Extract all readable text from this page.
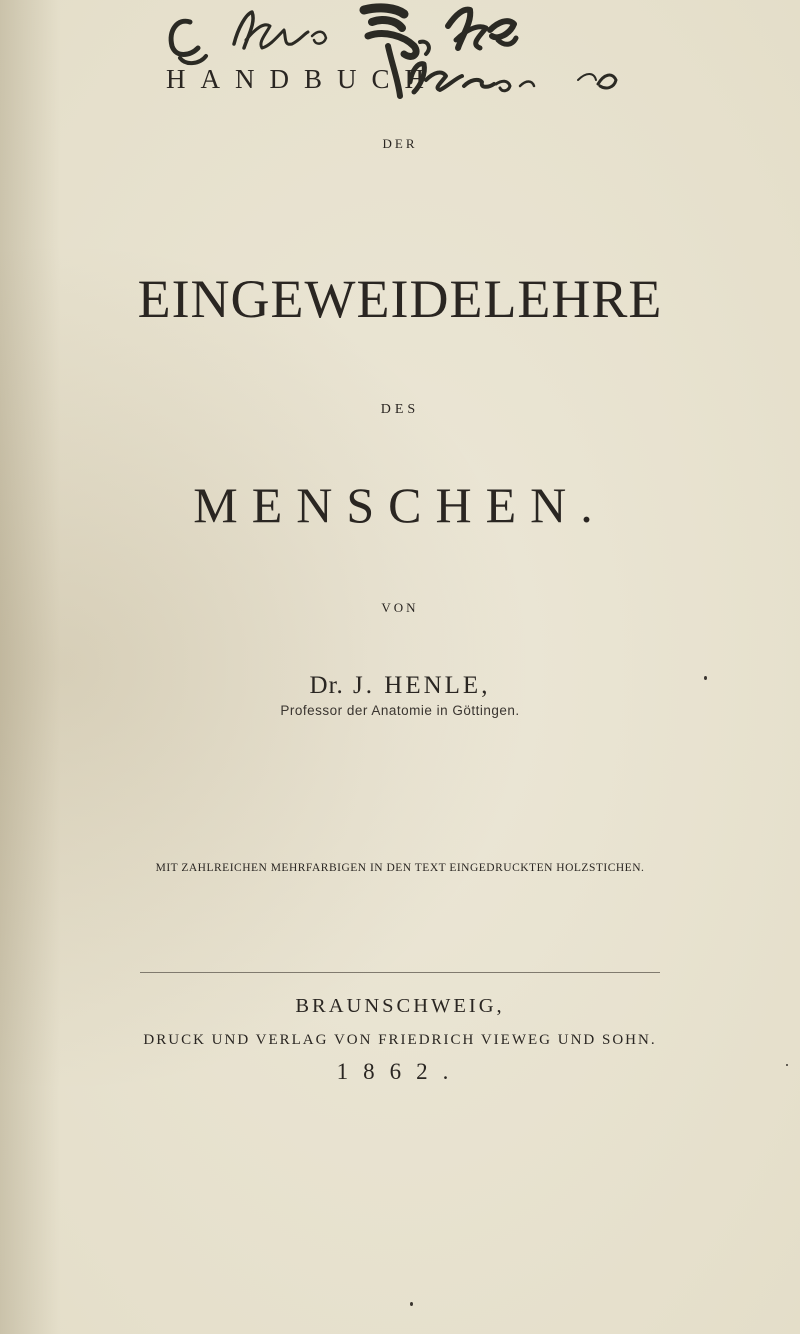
HANDBUCH
DER
EINGEWEIDELEHRE
DES
MENSCHEN.
VON
Dr. J. HENLE,
Professor der Anatomie in Göttingen.
MIT ZAHLREICHEN MEHRFARBIGEN IN DEN TEXT EINGEDRUCKTEN HOLZSTICHEN.
BRAUNSCHWEIG,
DRUCK UND VERLAG VON FRIEDRICH VIEWEG UND SOHN.
1862.
